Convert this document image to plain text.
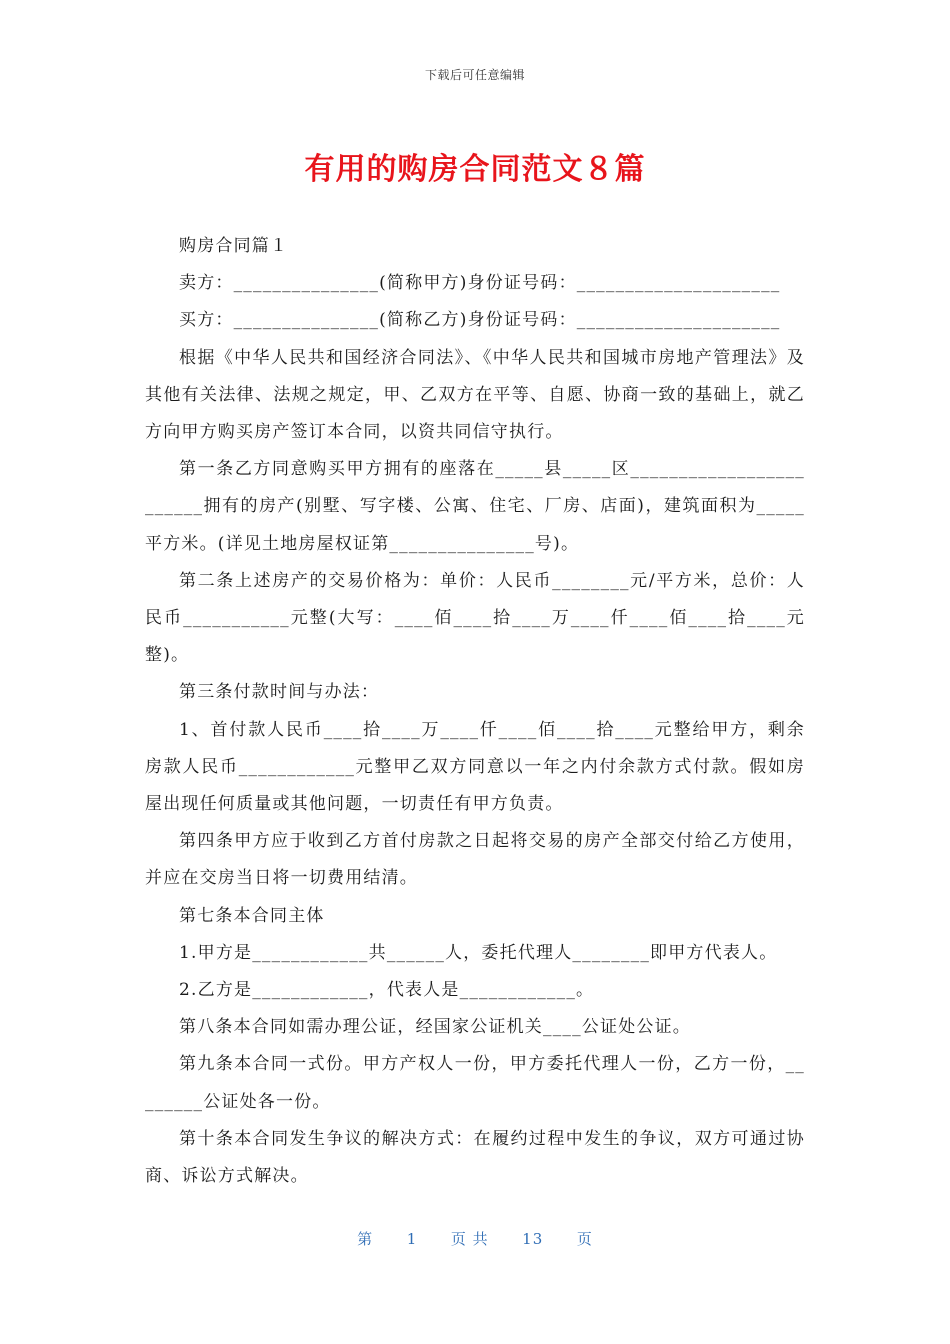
下载后可任意编辑
有用的购房合同范文８篇

购房合同篇１

卖方：_______________(简称甲方)身份证号码：_____________________

买方：_______________(简称乙方)身份证号码：_____________________

根据《中华人民共和国经济合同法》、《中华人民共和国城市房地产管理法》及其他有关法律、法规之规定，甲、乙双方在平等、自愿、协商一致的基础上，就乙方向甲方购买房产签订本合同，以资共同信守执行。

第一条乙方同意购买甲方拥有的座落在_____县_____区________________________拥有的房产(别墅、写字楼、公寓、住宅、厂房、店面)，建筑面积为_____平方米。(详见土地房屋权证第_______________号)。

第二条上述房产的交易价格为：单价：人民币________元/平方米，总价：人民币___________元整(大写：____佰____拾____万____仟____佰____拾____元整)。

第三条付款时间与办法：

1、首付款人民币____拾____万____仟____佰____拾____元整给甲方，剩余房款人民币____________元整甲乙双方同意以一年之内付余款方式付款。假如房屋出现任何质量或其他问题，一切责任有甲方负责。

第四条甲方应于收到乙方首付房款之日起将交易的房产全部交付给乙方使用，并应在交房当日将一切费用结清。

第七条本合同主体

1.甲方是____________共______人，委托代理人________即甲方代表人。

2.乙方是____________，代表人是____________。

第八条本合同如需办理公证，经国家公证机关____公证处公证。

第九条本合同一式份。甲方产权人一份，甲方委托代理人一份，乙方一份，________公证处各一份。

第十条本合同发生争议的解决方式：在履约过程中发生的争议，双方可通过协商、诉讼方式解决。

第 1 页 共 13 页
